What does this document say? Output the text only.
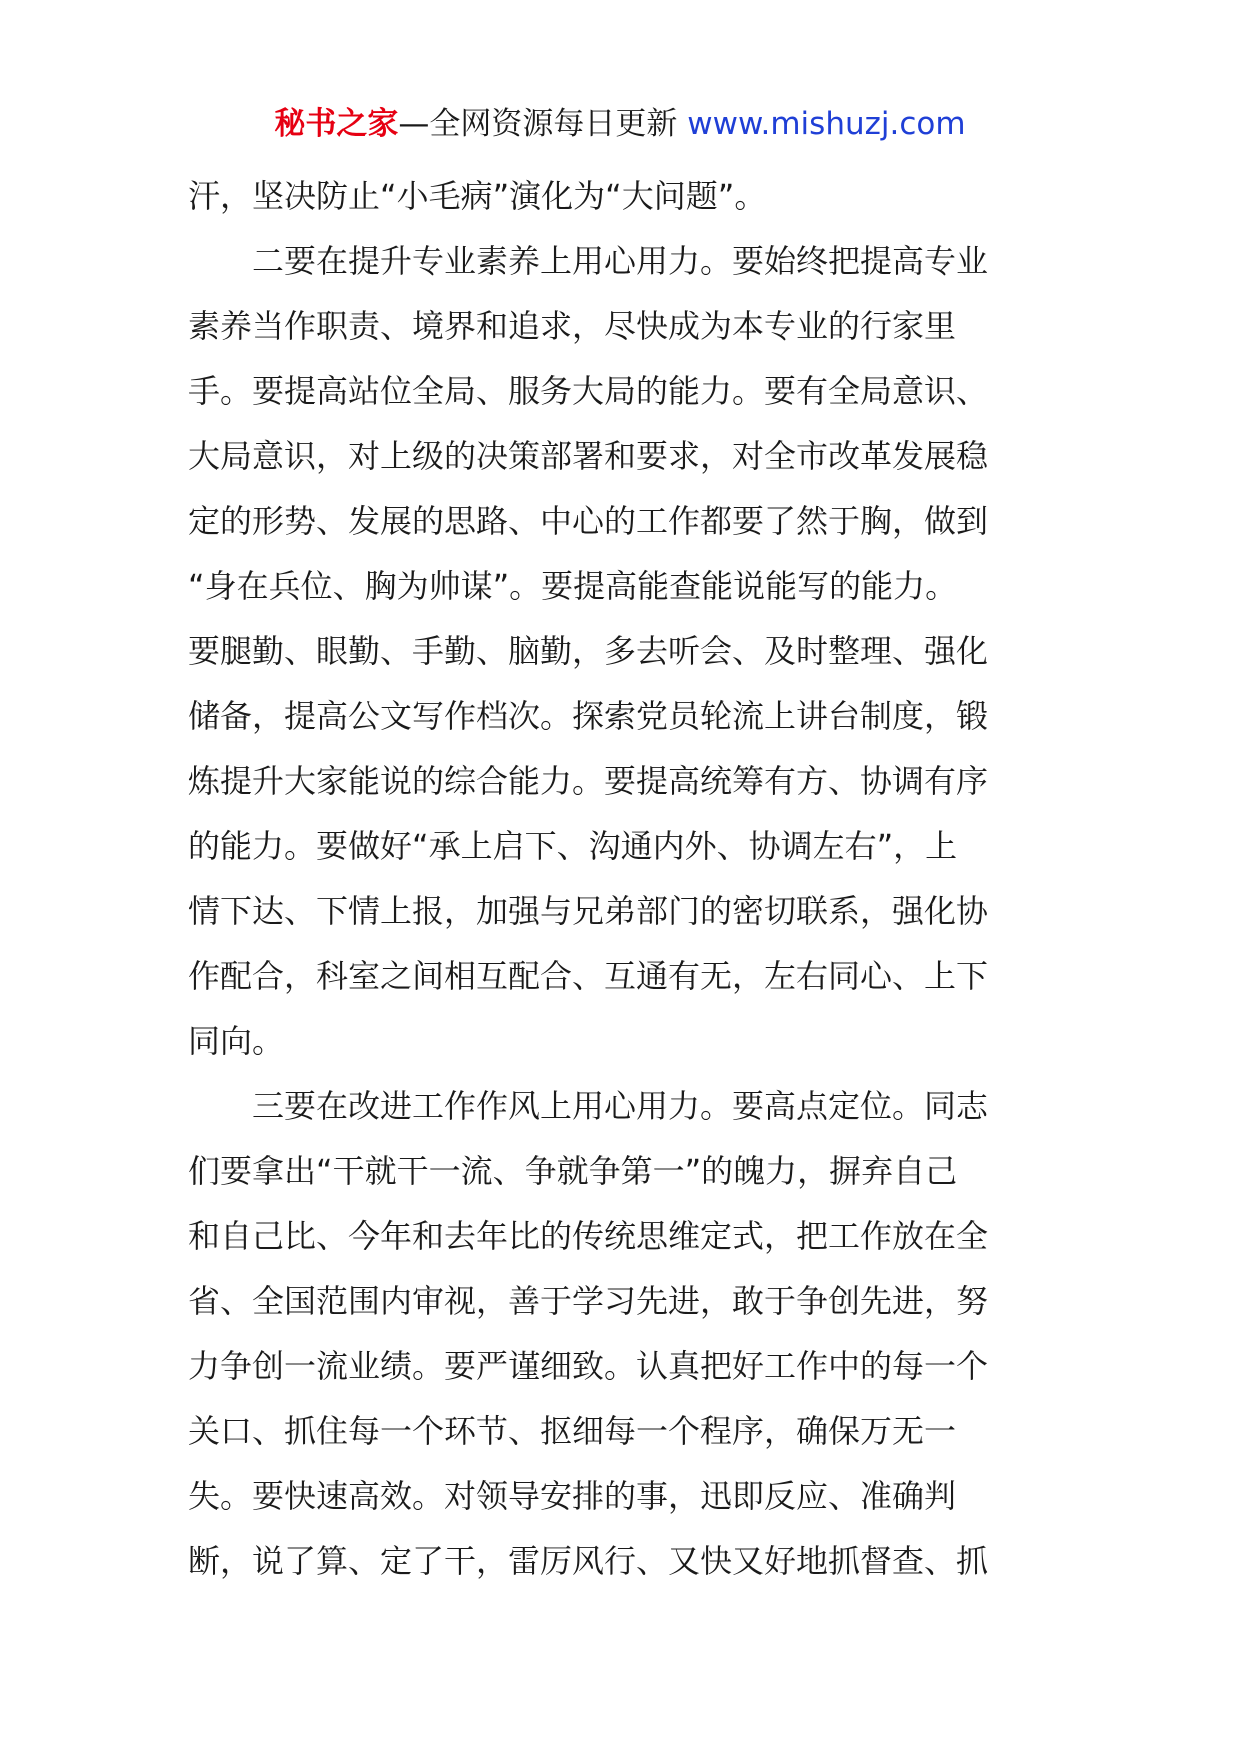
秘书之家—全网资源每日更新 www.mishuzj.com
汗，坚决防止“小毛病”演化为“大问题”。
二要在提升专业素养上用心用力。要始终把提高专业
素养当作职责、境界和追求，尽快成为本专业的行家里
手。要提高站位全局、服务大局的能力。要有全局意识、
大局意识，对上级的决策部署和要求，对全市改革发展稳
定的形势、发展的思路、中心的工作都要了然于胸，做到
“身在兵位、胸为帅谋”。要提高能查能说能写的能力。
要腿勤、眼勤、手勤、脑勤，多去听会、及时整理、强化
储备，提高公文写作档次。探索党员轮流上讲台制度，锻
炼提升大家能说的综合能力。要提高统筹有方、协调有序
的能力。要做好“承上启下、沟通内外、协调左右”，上
情下达、下情上报，加强与兄弟部门的密切联系，强化协
作配合，科室之间相互配合、互通有无，左右同心、上下
同向。
三要在改进工作作风上用心用力。要高点定位。同志
们要拿出“干就干一流、争就争第一”的魄力，摒弃自己
和自己比、今年和去年比的传统思维定式，把工作放在全
省、全国范围内审视，善于学习先进，敢于争创先进，努
力争创一流业绩。要严谨细致。认真把好工作中的每一个
关口、抓住每一个环节、抠细每一个程序，确保万无一
失。要快速高效。对领导安排的事，迅即反应、准确判
断，说了算、定了干，雷厉风行、又快又好地抓督查、抓
